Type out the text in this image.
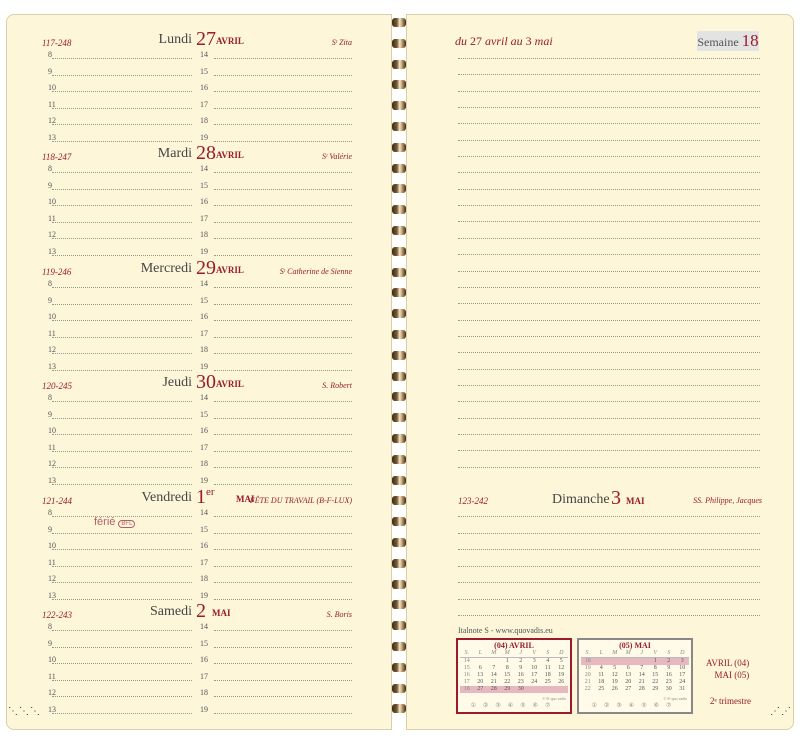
117-248	Lundi 27 AVRIL	Sᵗ Zita
8	14
9	15
10	16
11	17
12	18
13	19
118-247	Mardi 28 AVRIL	Sᵗ Valérie
8	14
9	15
10	16
11	17
12	18
13	19
119-246	Mercredi 29 AVRIL	Sᵗ Catherine de Sienne
8	14
9	15
10	16
11	17
12	18
13	19
120-245	Jeudi 30 AVRIL	S. Robert
8	14
9	15
10	16
11	17
12	18
13	19
121-244	Vendredi 1er
MAI
FÊTE DU TRAVAIL (B-F-LUX)
8	14
9	15
10	16
11	17
12	18
13	19
férié BFL
122-243	Samedi 2 MAI	S. Boris
8	14
9	15
10	16
11	17
12	18
13	19
du 27 avril au 3 mai	Semaine 18
123-242	Dimanche 3 MAI	SS. Philippe, Jacques
Italnote S - www.quovadis.eu
(04) AVRIL
S.	L	M	M	J	V	S	D
14			1	2	3	4	5
15	6	7	8	9	10	11	12
16	13	14	15	16	17	18	19
17	20	21	22	23	24	25	26
18	27	28	29	30			
© 6ᵉ quo vadis
①②③④⑤⑥⑦
(05) MAI
S.	L	M	M	J	V	S	D
18					1	2	3
19	4	5	6	7	8	9	10
20	11	12	13	14	15	16	17
21	18	19	20	21	22	23	24
22	25	26	27	28	29	30	31
© 6ᵉ quo vadis
①②③④⑤⑥⑦
AVRIL (04)
MAI (05)
2ᵉ trimestre
⋱⋱⋱	⋰⋰
